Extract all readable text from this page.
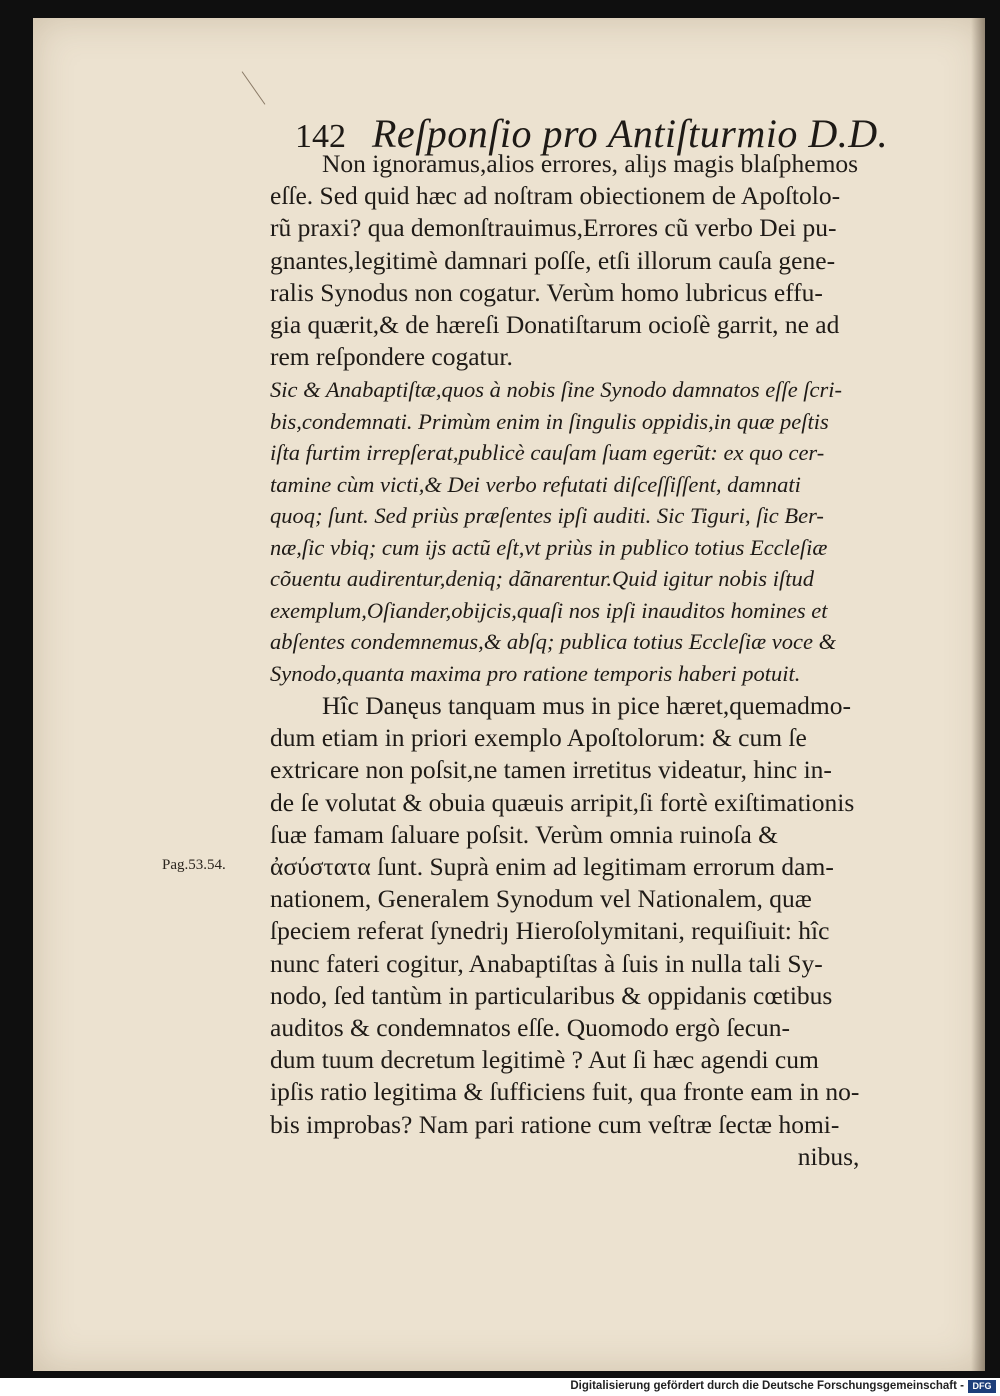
142 Reſponſio pro Antiſturmio D.D.
Non ignoramus,alios errores, aliȷs magis blaſphemos
eſſe. Sed quid hæc ad noſtram obiectionem de Apoſtolo-
rũ praxi? qua demonſtrauimus,Errores cũ verbo Dei pu-
gnantes,legitimè damnari poſſe, etſi illorum cauſa gene-
ralis Synodus non cogatur. Verùm homo lubricus effu-
gia quærit,& de hæreſi Donatiſtarum ocioſè garrit, ne ad
rem reſpondere cogatur.
Sic & Anabaptiſtæ,quos à nobis ſine Synodo damnatos eſſe ſcri-
bis,condemnati. Primùm enim in ſingulis oppidis,in quæ peſtis
iſta furtim irrepſerat,publicè cauſam ſuam egerũt: ex quo cer-
tamine cùm victi,& Dei verbo refutati diſceſſiſſent, damnati
quoq; ſunt. Sed priùs præſentes ipſi auditi. Sic Tiguri, ſic Ber-
næ,ſic vbiq; cum ijs actũ eſt,vt priùs in publico totius Eccleſiæ
cõuentu audirentur,deniq; dãnarentur.Quid igitur nobis iſtud
exemplum,Oſiander,obijcis,quaſi nos ipſi inauditos homines et
abſentes condemnemus,& abſq; publica totius Eccleſiæ voce &
Synodo,quanta maxima pro ratione temporis haberi potuit.
Hîc Danęus tanquam mus in pice hæret,quemadmo-
dum etiam in priori exemplo Apoſtolorum: & cum ſe
extricare non poſsit,ne tamen irretitus videatur, hinc in-
de ſe volutat & obuia quæuis arripit,ſi fortè exiſtimationis
ſuæ famam ſaluare poſsit. Verùm omnia ruinoſa &
ἀσύστατα ſunt. Suprà enim ad legitimam errorum dam-
nationem, Generalem Synodum vel Nationalem, quæ
ſpeciem referat ſynedriȷ Hieroſolymitani, requiſiuit: hîc
nunc fateri cogitur, Anabaptiſtas à ſuis in nulla tali Sy-
nodo, ſed tantùm in particularibus & oppidanis cœtibus
auditos & condemnatos eſſe. Quomodo ergò ſecun-
dum tuum decretum legitimè ? Aut ſi hæc agendi cum
ipſis ratio legitima & ſufficiens fuit, qua fronte eam in no-
bis improbas? Nam pari ratione cum veſtræ ſectæ homi-
nibus,
Pag.53.54.
Digitalisierung gefördert durch die Deutsche Forschungsgemeinschaft - DFG
